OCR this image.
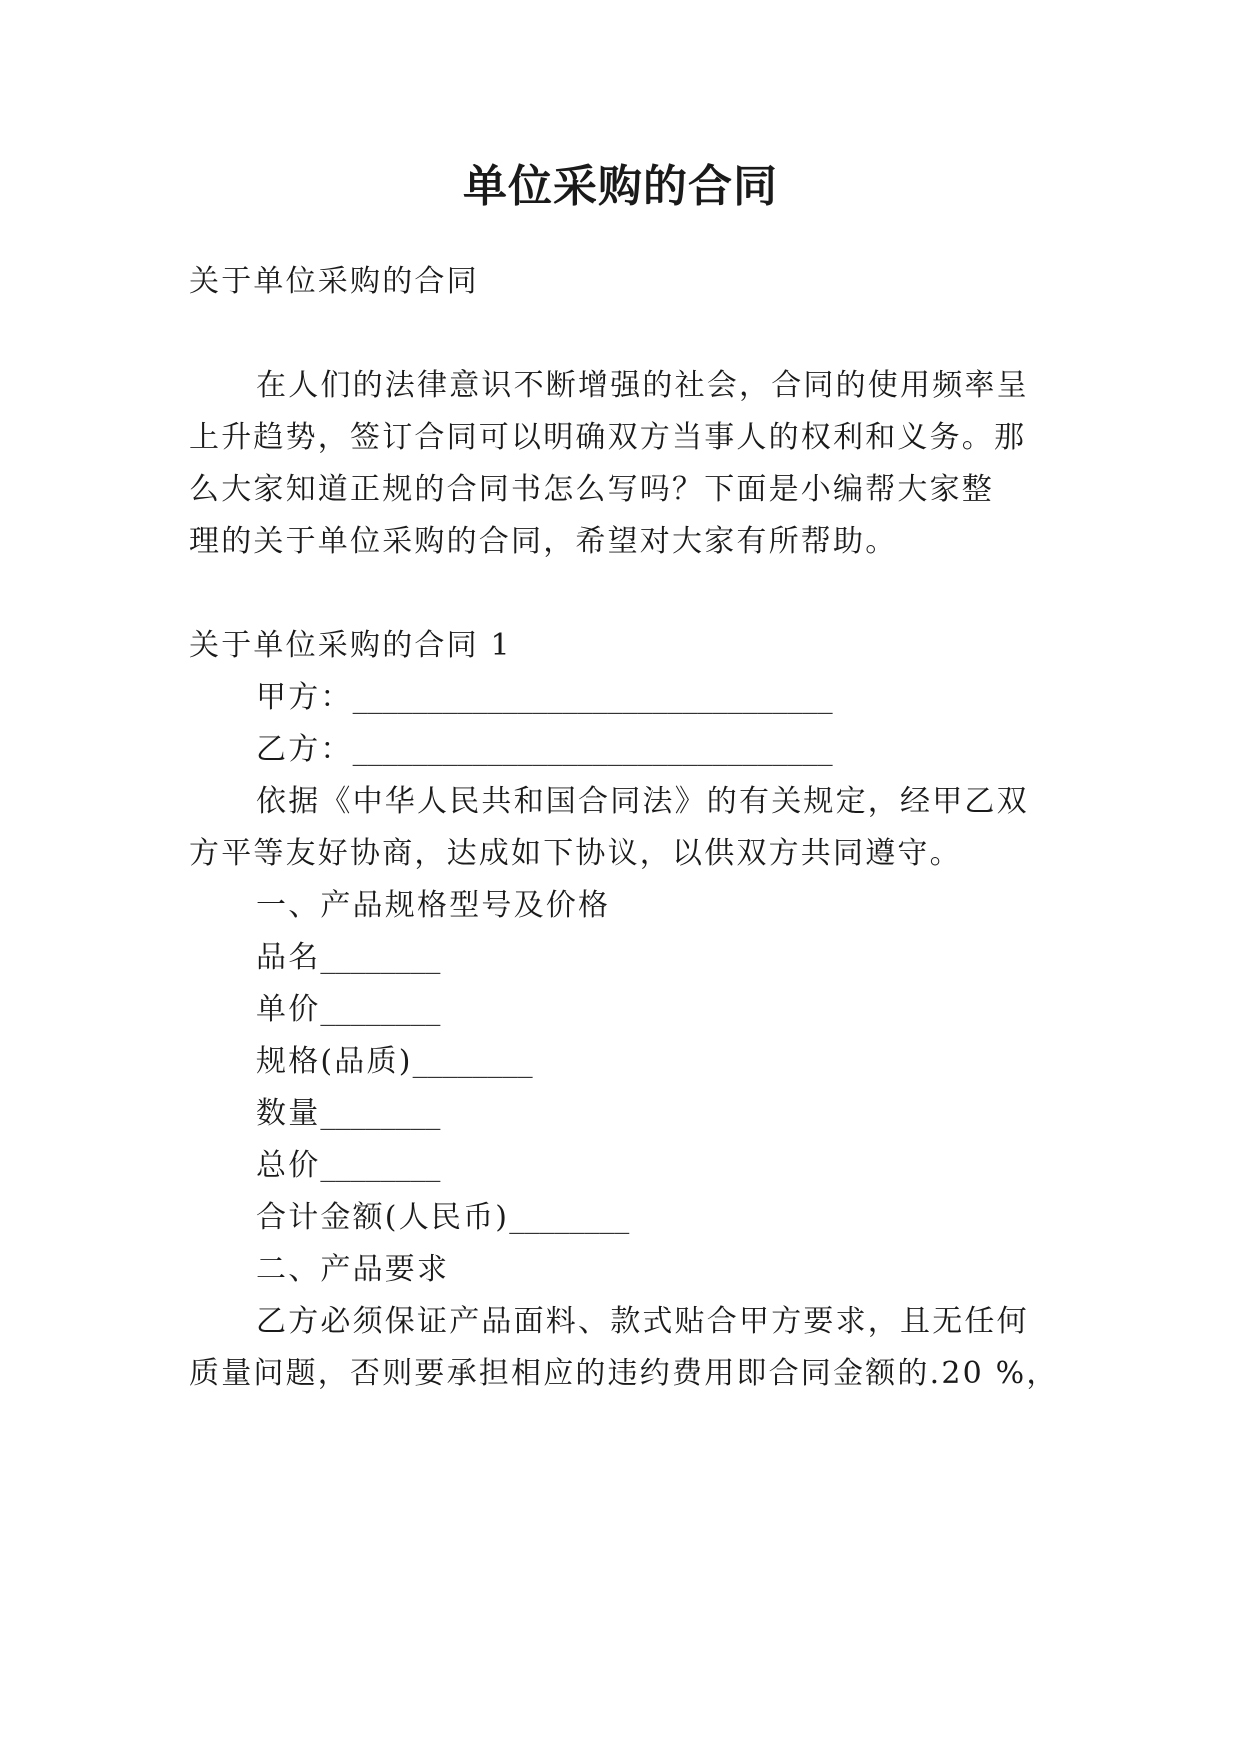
单位采购的合同
关于单位采购的合同
在人们的法律意识不断增强的社会，合同的使用频率呈
上升趋势，签订合同可以明确双方当事人的权利和义务。那
么大家知道正规的合同书怎么写吗？下面是小编帮大家整
理的关于单位采购的合同，希望对大家有所帮助。
关于单位采购的合同 1
甲方：________________________________
乙方：________________________________
依据《中华人民共和国合同法》的有关规定，经甲乙双
方平等友好协商，达成如下协议，以供双方共同遵守。
一、产品规格型号及价格
品名________
单价________
规格(品质)________
数量________
总价________
合计金额(人民币)________
二、产品要求
乙方必须保证产品面料、款式贴合甲方要求，且无任何
质量问题，否则要承担相应的违约费用即合同金额的.20 %，
